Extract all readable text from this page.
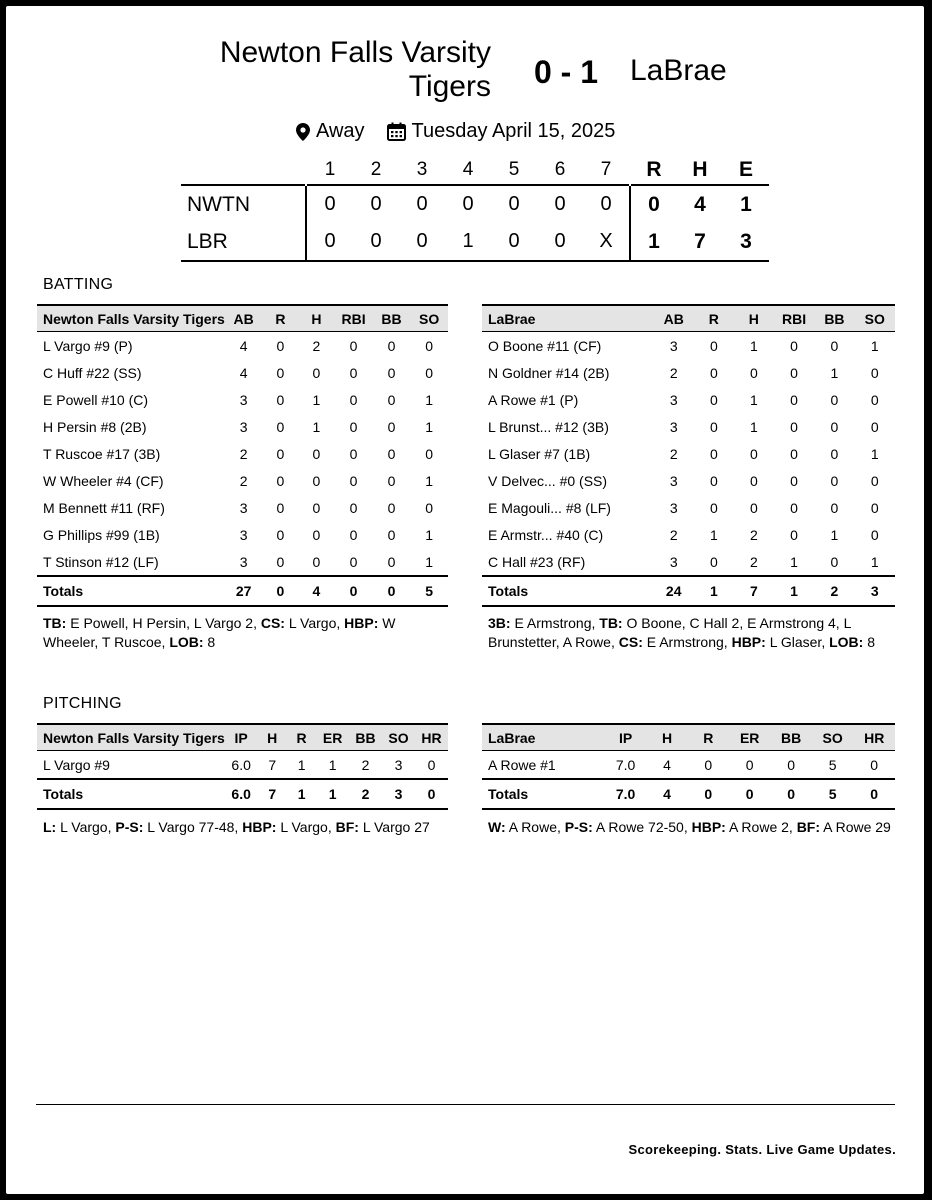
Newton Falls Varsity Tigers	0 - 1	LaBrae
Away Tuesday April 15, 2025
	1	2	3	4	5	6	7	R	H	E
NWTN	0	0	0	0	0	0	0	0	4	1
LBR	0	0	0	1	0	0	X	1	7	3
BATTING
Newton Falls Varsity Tigers	AB	R	H	RBI	BB	SO
L Vargo #9 (P)	4	0	2	0	0	0
C Huff #22 (SS)	4	0	0	0	0	0
E Powell #10 (C)	3	0	1	0	0	1
H Persin #8 (2B)	3	0	1	0	0	1
T Ruscoe #17 (3B)	2	0	0	0	0	0
W Wheeler #4 (CF)	2	0	0	0	0	1
M Bennett #11 (RF)	3	0	0	0	0	0
G Phillips #99 (1B)	3	0	0	0	0	1
T Stinson #12 (LF)	3	0	0	0	0	1
Totals	27	0	4	0	0	5
LaBrae	AB	R	H	RBI	BB	SO
O Boone #11 (CF)	3	0	1	0	0	1
N Goldner #14 (2B)	2	0	0	0	1	0
A Rowe #1 (P)	3	0	1	0	0	0
L Brunst... #12 (3B)	3	0	1	0	0	0
L Glaser #7 (1B)	2	0	0	0	0	1
V Delvec... #0 (SS)	3	0	0	0	0	0
E Magouli... #8 (LF)	3	0	0	0	0	0
E Armstr... #40 (C)	2	1	2	0	1	0
C Hall #23 (RF)	3	0	2	1	0	1
Totals	24	1	7	1	2	3
TB: E Powell, H Persin, L Vargo 2, CS: L Vargo, HBP: W Wheeler, T Ruscoe, LOB: 8
3B: E Armstrong, TB: O Boone, C Hall 2, E Armstrong 4, L Brunstetter, A Rowe, CS: E Armstrong, HBP: L Glaser, LOB: 8
PITCHING
Newton Falls Varsity Tigers	IP	H	R	ER	BB	SO	HR
L Vargo #9	6.0	7	1	1	2	3	0
Totals	6.0	7	1	1	2	3	0
LaBrae	IP	H	R	ER	BB	SO	HR
A Rowe #1	7.0	4	0	0	0	5	0
Totals	7.0	4	0	0	0	5	0
L: L Vargo, P-S: L Vargo 77-48, HBP: L Vargo, BF: L Vargo 27	W: A Rowe, P-S: A Rowe 72-50, HBP: A Rowe 2, BF: A Rowe 29
Scorekeeping. Stats. Live Game Updates.
